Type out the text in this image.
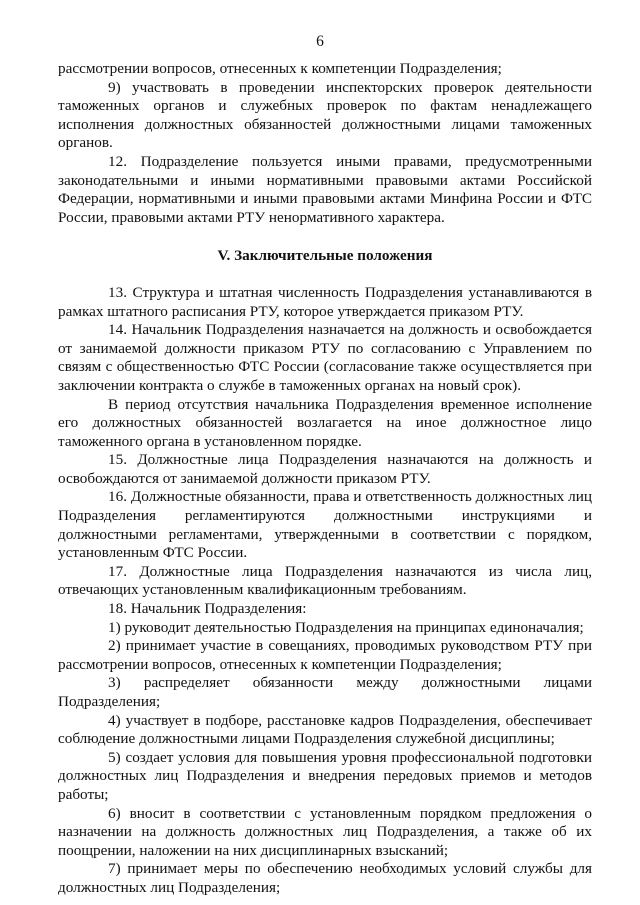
6

рассмотрении вопросов, отнесенных к компетенции Подразделения;

9) участвовать в проведении инспекторских проверок деятельности таможенных органов и служебных проверок по фактам ненадлежащего исполнения должностных обязанностей должностными лицами таможенных органов.

12. Подразделение пользуется иными правами, предусмотренными законодательными и иными нормативными правовыми актами Российской Федерации, нормативными и иными правовыми актами Минфина России и ФТС России, правовыми актами РТУ ненормативного характера.

V. Заключительные положения

13. Структура и штатная численность Подразделения устанавливаются в рамках штатного расписания РТУ, которое утверждается приказом РТУ.

14. Начальник Подразделения назначается на должность и освобождается от занимаемой должности приказом РТУ по согласованию с Управлением по связям с общественностью ФТС России (согласование также осуществляется при заключении контракта о службе в таможенных органах на новый срок).

В период отсутствия начальника Подразделения временное исполнение его должностных обязанностей возлагается на иное должностное лицо таможенного органа в установленном порядке.

15. Должностные лица Подразделения назначаются на должность и освобождаются от занимаемой должности приказом РТУ.

16. Должностные обязанности, права и ответственность должностных лиц Подразделения регламентируются должностными инструкциями и должностными регламентами, утвержденными в соответствии с порядком, установленным ФТС России.

17. Должностные лица Подразделения назначаются из числа лиц, отвечающих установленным квалификационным требованиям.

18. Начальник Подразделения:

1) руководит деятельностью Подразделения на принципах единоначалия;

2) принимает участие в совещаниях, проводимых руководством РТУ при рассмотрении вопросов, отнесенных к компетенции Подразделения;

3) распределяет обязанности между должностными лицами Подразделения;

4) участвует в подборе, расстановке кадров Подразделения, обеспечивает соблюдение должностными лицами Подразделения служебной дисциплины;

5) создает условия для повышения уровня профессиональной подготовки должностных лиц Подразделения и внедрения передовых приемов и методов работы;

6) вносит в соответствии с установленным порядком предложения о назначении на должность должностных лиц Подразделения, а также об их поощрении, наложении на них дисциплинарных взысканий;

7) принимает меры по обеспечению необходимых условий службы для должностных лиц Подразделения;
